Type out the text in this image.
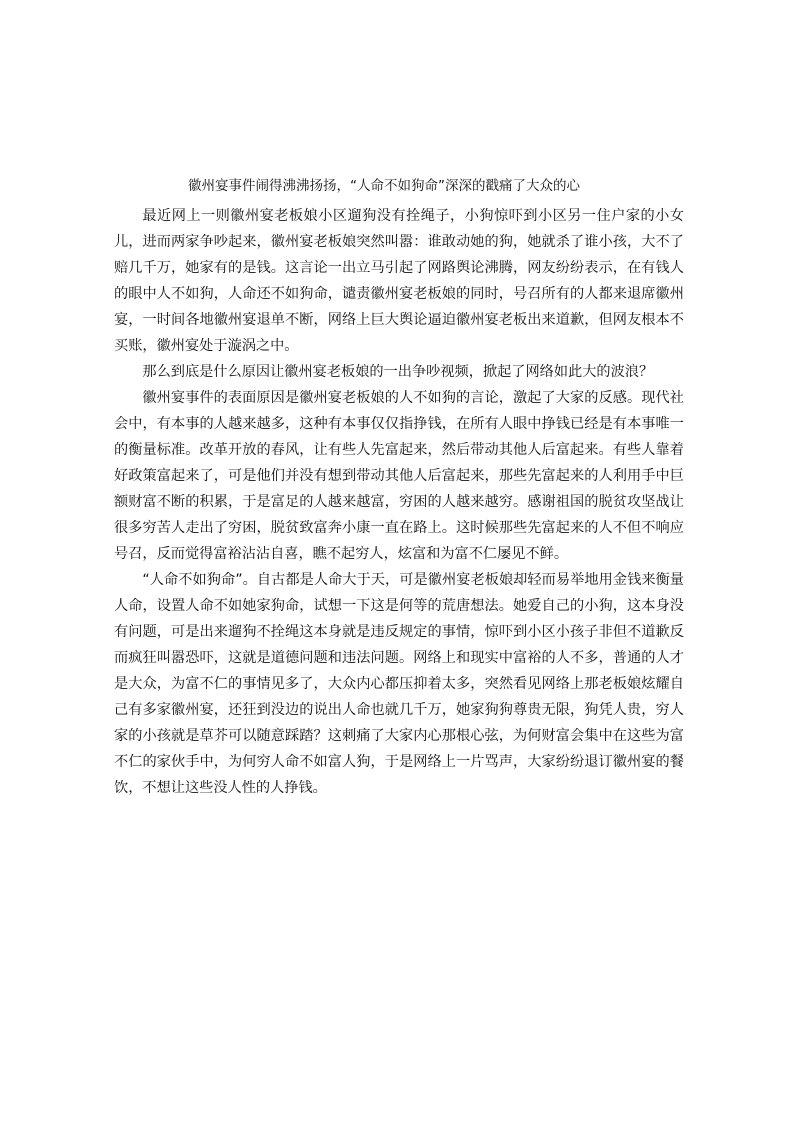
徽州宴事件闹得沸沸扬扬，“人命不如狗命”深深的戳痛了大众的心

最近网上一则徽州宴老板娘小区遛狗没有拴绳子，小狗惊吓到小区另一住户家的小女儿，进而两家争吵起来，徽州宴老板娘突然叫嚣：谁敢动她的狗，她就杀了谁小孩，大不了赔几千万，她家有的是钱。这言论一出立马引起了网路舆论沸腾，网友纷纷表示，在有钱人的眼中人不如狗，人命还不如狗命，谴责徽州宴老板娘的同时，号召所有的人都来退席徽州宴，一时间各地徽州宴退单不断，网络上巨大舆论逼迫徽州宴老板出来道歉，但网友根本不买账，徽州宴处于漩涡之中。

那么到底是什么原因让徽州宴老板娘的一出争吵视频，掀起了网络如此大的波浪？

徽州宴事件的表面原因是徽州宴老板娘的人不如狗的言论，激起了大家的反感。现代社会中，有本事的人越来越多，这种有本事仅仅指挣钱，在所有人眼中挣钱已经是有本事唯一的衡量标准。改革开放的春风，让有些人先富起来，然后带动其他人后富起来。有些人靠着好政策富起来了，可是他们并没有想到带动其他人后富起来，那些先富起来的人利用手中巨额财富不断的积累，于是富足的人越来越富，穷困的人越来越穷。感谢祖国的脱贫攻坚战让很多穷苦人走出了穷困，脱贫致富奔小康一直在路上。这时候那些先富起来的人不但不响应号召，反而觉得富裕沾沾自喜，瞧不起穷人，炫富和为富不仁屡见不鲜。

“人命不如狗命”。自古都是人命大于天，可是徽州宴老板娘却轻而易举地用金钱来衡量人命，设置人命不如她家狗命，试想一下这是何等的荒唐想法。她爱自己的小狗，这本身没有问题，可是出来遛狗不拴绳这本身就是违反规定的事情，惊吓到小区小孩子非但不道歉反而疯狂叫嚣恐吓，这就是道德问题和违法问题。网络上和现实中富裕的人不多，普通的人才是大众，为富不仁的事情见多了，大众内心都压抑着太多，突然看见网络上那老板娘炫耀自己有多家徽州宴，还狂到没边的说出人命也就几千万，她家狗狗尊贵无限，狗凭人贵，穷人家的小孩就是草芥可以随意踩踏？这刺痛了大家内心那根心弦，为何财富会集中在这些为富不仁的家伙手中，为何穷人命不如富人狗，于是网络上一片骂声，大家纷纷退订徽州宴的餐饮，不想让这些没人性的人挣钱。
